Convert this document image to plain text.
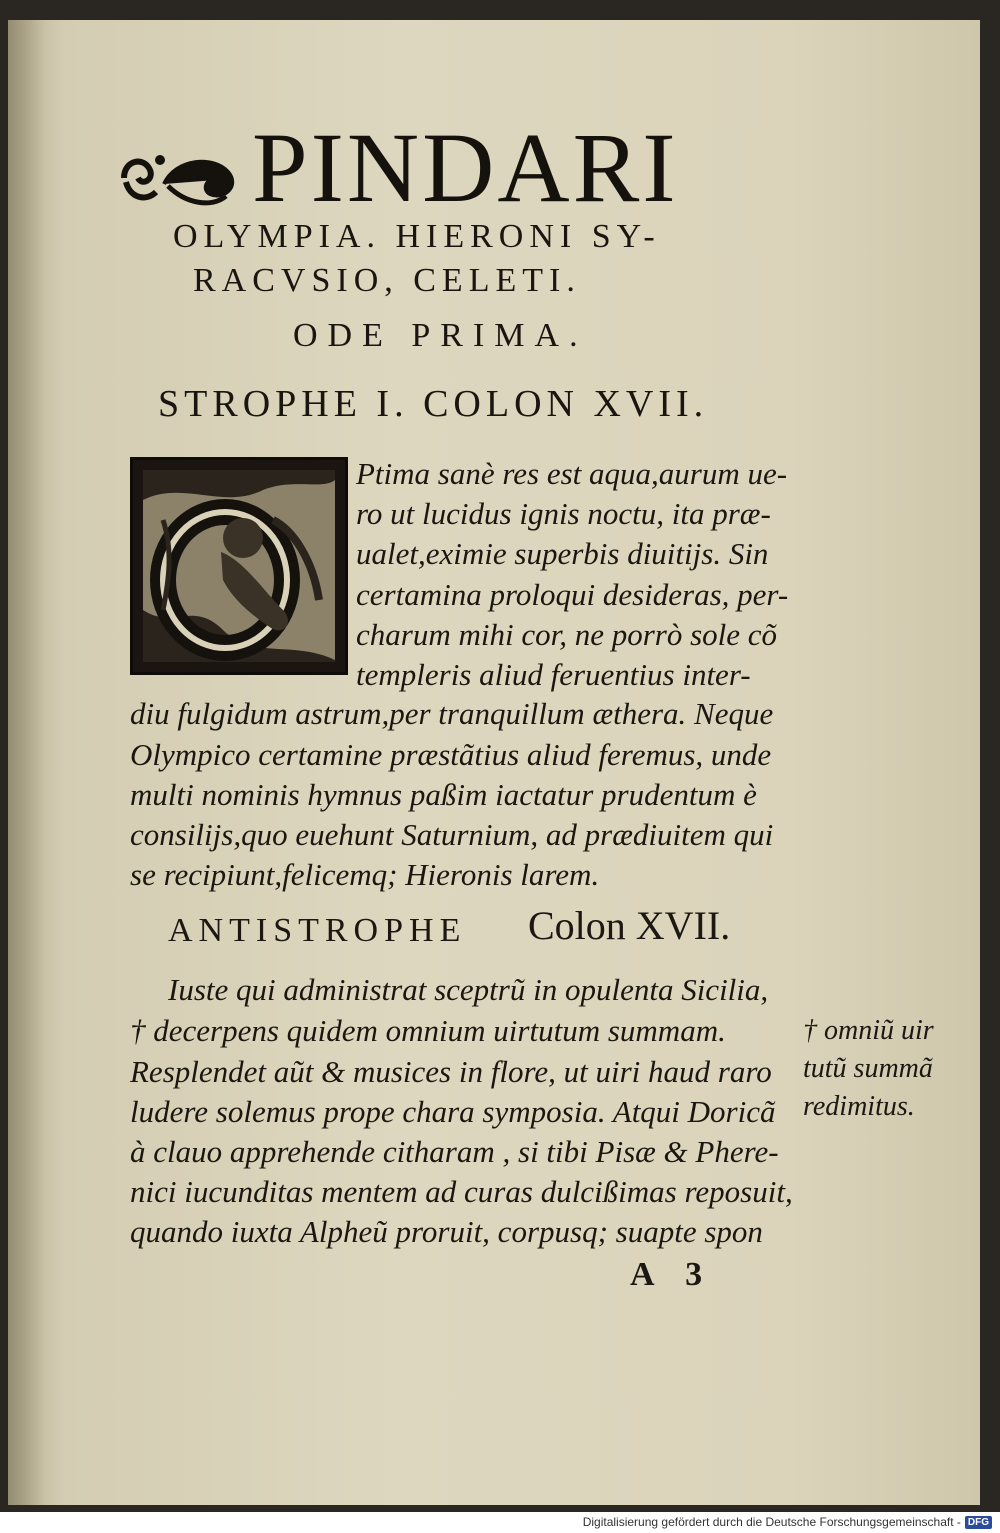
PINDARI
OLYMPIA. HIERONI SY-
RACVSIO, CELETI.
ODE PRIMA.
STROPHE I. COLON XVII.
Ptima sanè res est aqua,aurum ue-
ro ut lucidus ignis noctu, ita præ-
ualet,eximie superbis diuitijs. Sin
certamina proloqui desideras, per-
charum mihi cor, ne porrò sole cõ
templeris aliud feruentius inter-
diu fulgidum astrum,per tranquillum æthera. Neque
Olympico certamine præstãtius aliud feremus, unde
multi nominis hymnus paßim iactatur prudentum è
consilijs,quo euehunt Saturnium, ad prædiuitem qui
se recipiunt,felicemq; Hieronis larem.
ANTISTROPHE Colon XVII.
Iuste qui administrat sceptrũ in opulenta Sicilia,
† decerpens quidem omnium uirtutum summam.
Resplendet aũt & musices in flore, ut uiri haud raro
ludere solemus prope chara symposia. Atqui Doricã
à clauo apprehende citharam , si tibi Pisæ & Phere-
nici iucunditas mentem ad curas dulcißimas reposuit,
quando iuxta Alpheũ proruit, corpusq; suapte spon
† omniũ uir
tutũ summã
redimitus.
A 3
Digitalisierung gefördert durch die Deutsche Forschungsgemeinschaft - DFG
